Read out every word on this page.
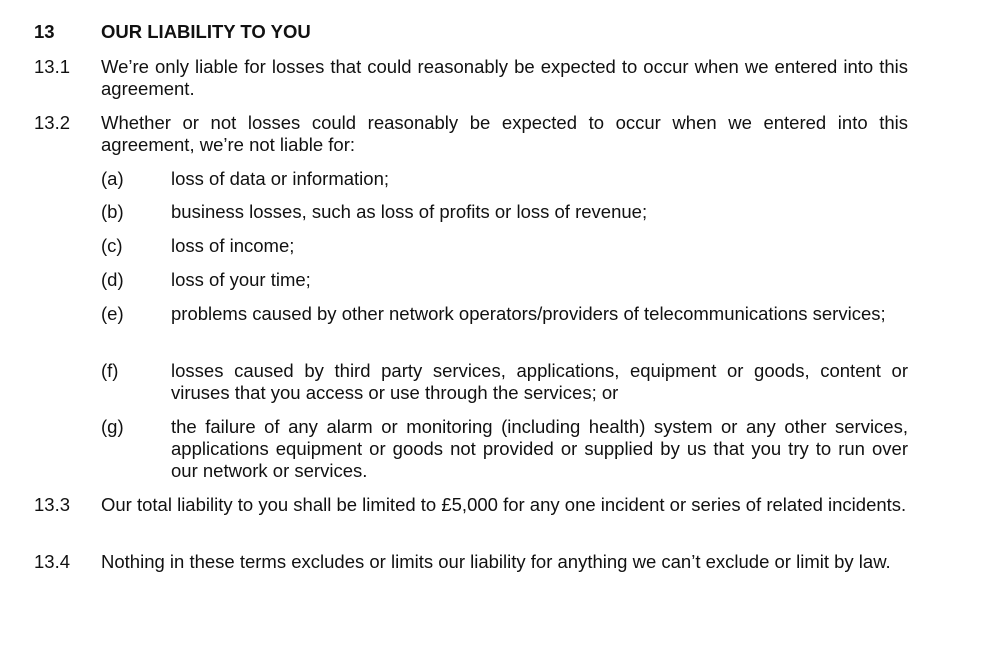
13	OUR LIABILITY TO YOU
13.1 We’re only liable for losses that could reasonably be expected to occur when we entered into this agreement.
13.2 Whether or not losses could reasonably be expected to occur when we entered into this agreement, we’re not liable for:
(a)	loss of data or information;
(b)	business losses, such as loss of profits or loss of revenue;
(c)	loss of income;
(d)	loss of your time;
(e)	problems caused by other network operators/providers of telecommunications services;
(f)	losses caused by third party services, applications, equipment or goods, content or viruses that you access or use through the services; or
(g)	the failure of any alarm or monitoring (including health) system or any other services, applications equipment or goods not provided or supplied by us that you try to run over our network or services.
13.3 Our total liability to you shall be limited to £5,000 for any one incident or series of related incidents.
13.4 Nothing in these terms excludes or limits our liability for anything we can’t exclude or limit by law.
